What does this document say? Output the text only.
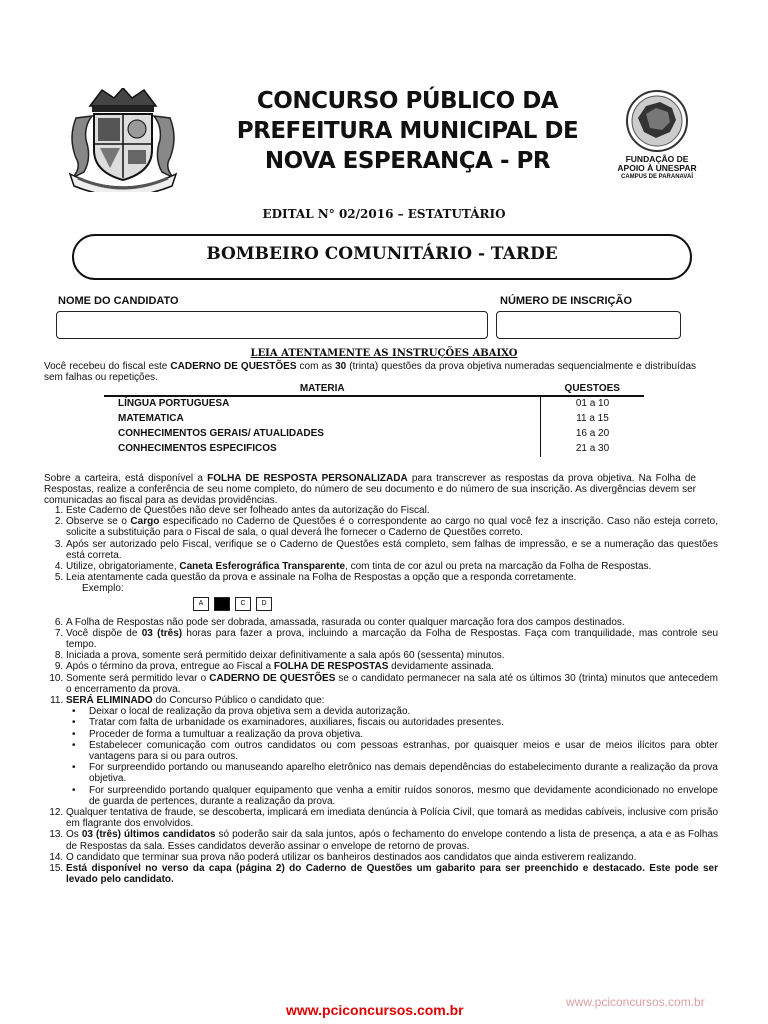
CONCURSO PÚBLICO DA
PREFEITURA MUNICIPAL DE
NOVA ESPERANÇA - PR	FUNDAÇÃO DE
APOIO À UNESPAR
CAMPUS DE PARANAVAÍ
EDITAL N° 02/2016 – ESTATUTÁRIO
BOMBEIRO COMUNITÁRIO - TARDE
NOME DO CANDIDATO	NÚMERO DE INSCRIÇÃO
LEIA ATENTAMENTE AS INSTRUÇÕES ABAIXO
Você recebeu do fiscal este CADERNO DE QUESTÕES com as 30 (trinta) questões da prova objetiva numeradas sequencialmente e distribuídas sem falhas ou repetições.
MATERIA	QUESTOES
LÍNGUA PORTUGUESA	01 a 10
MATEMATICA	11 a 15
CONHECIMENTOS GERAIS/ ATUALIDADES	16 a 20
CONHECIMENTOS ESPECIFICOS	21 a 30
Sobre a carteira, está disponível a FOLHA DE RESPOSTA PERSONALIZADA para transcrever as respostas da prova objetiva. Na Folha de Respostas, realize a conferência de seu nome completo, do número de seu documento e do número de sua inscrição. As divergências devem ser comunicadas ao fiscal para as devidas providências.
1. Este Caderno de Questões não deve ser folheado antes da autorização do Fiscal.
2. Observe se o Cargo especificado no Caderno de Questões é o correspondente ao cargo no qual você fez a inscrição. Caso não esteja correto, solicite a substituição para o Fiscal de sala, o qual deverá lhe fornecer o Caderno de Questões correto.
3. Após ser autorizado pelo Fiscal, verifique se o Caderno de Questões está completo, sem falhas de impressão, e se a numeração das questões está correta.
4. Utilize, obrigatoriamente, Caneta Esferográfica Transparente, com tinta de cor azul ou preta na marcação da Folha de Respostas.
5. Leia atentamente cada questão da prova e assinale na Folha de Respostas a opção que a responda corretamente.
Exemplo:
A	C D
6. A Folha de Respostas não pode ser dobrada, amassada, rasurada ou conter qualquer marcação fora dos campos destinados.
7. Você dispõe de 03 (três) horas para fazer a prova, incluindo a marcação da Folha de Respostas. Faça com tranquilidade, mas controle seu tempo.
8. Iniciada a prova, somente será permitido deixar definitivamente a sala após 60 (sessenta) minutos.
9. Após o término da prova, entregue ao Fiscal a FOLHA DE RESPOSTAS devidamente assinada.
10. Somente será permitido levar o CADERNO DE QUESTÕES se o candidato permanecer na sala até os últimos 30 (trinta) minutos que antecedem o encerramento da prova.
11. SERÁ ELIMINADO do Concurso Público o candidato que:
• Deixar o local de realização da prova objetiva sem a devida autorização.
• Tratar com falta de urbanidade os examinadores, auxiliares, fiscais ou autoridades presentes.
• Proceder de forma a tumultuar a realização da prova objetiva.
• Estabelecer comunicação com outros candidatos ou com pessoas estranhas, por quaisquer meios e usar de meios ilícitos para obter vantagens para si ou para outros.
• For surpreendido portando ou manuseando aparelho eletrônico nas demais dependências do estabelecimento durante a realização da prova objetiva.
• For surpreendido portando qualquer equipamento que venha a emitir ruídos sonoros, mesmo que devidamente acondicionado no envelope de guarda de pertences, durante a realização da prova.
12. Qualquer tentativa de fraude, se descoberta, implicará em imediata denúncia à Polícia Civil, que tomará as medidas cabíveis, inclusive com prisão em flagrante dos envolvidos.
13. Os 03 (três) últimos candidatos só poderão sair da sala juntos, após o fechamento do envelope contendo a lista de presença, a ata e as Folhas de Respostas da sala. Esses candidatos deverão assinar o envelope de retorno de provas.
14. O candidato que terminar sua prova não poderá utilizar os banheiros destinados aos candidatos que ainda estiverem realizando.
15. Está disponível no verso da capa (página 2) do Caderno de Questões um gabarito para ser preenchido e destacado. Este pode ser levado pelo candidato.
www.pciconcursos.com.br	www.pciconcursos.com.br
